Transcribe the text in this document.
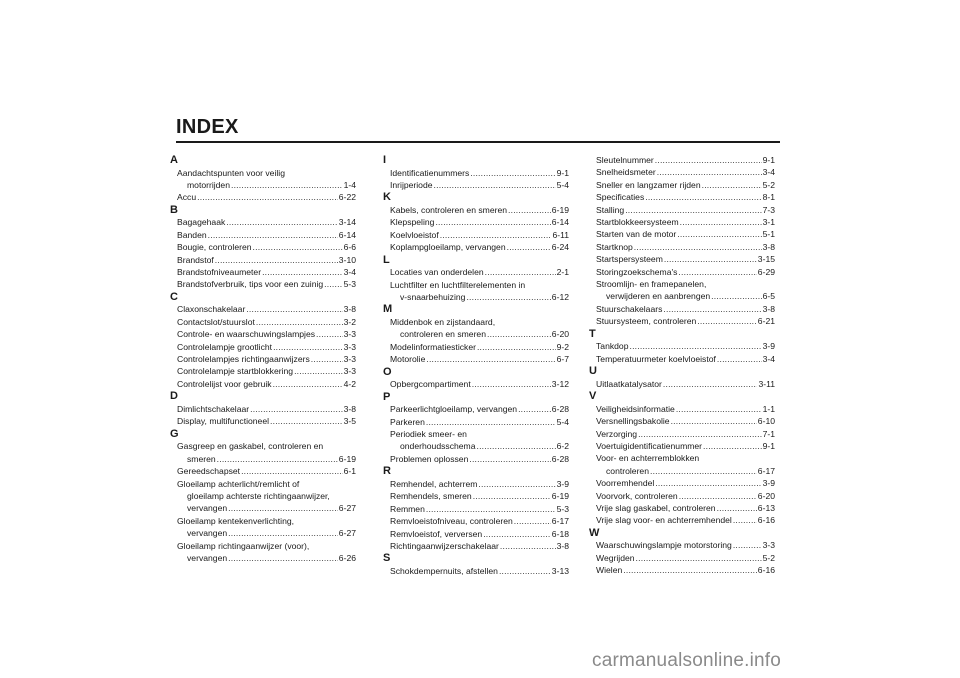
INDEX
A
Aandachtspunten voor veilig
motorrijden .....	1-4
Accu .....	6-22
B
Bagagehaak .....	3-14
Banden .....	6-14
Bougie, controleren .....	6-6
Brandstof .....	3-10
Brandstofniveaumeter .....	3-4
Brandstofverbruik, tips voor een zuinig ..... 5-3
C
Claxonschakelaar .....	3-8
Contactslot/stuurslot .....	3-2
Controle- en waarschuwingslampjes .....	3-3
Controlelampje grootlicht .....	3-3
Controlelampjes richtingaanwijzers .....	3-3
Controlelampje startblokkering .....	3-3
Controlelijst voor gebruik .....	4-2
D
Dimlichtschakelaar .....	3-8
Display, multifunctioneel .....	3-5
G
Gasgreep en gaskabel, controleren en
smeren .....	6-19
Gereedschapset .....	6-1
Gloeilamp achterlicht/remlicht of
gloeilamp achterste richtingaanwijzer,
vervangen .....	6-27
Gloeilamp kentekenverlichting,
vervangen .....	6-27
Gloeilamp richtingaanwijzer (voor),
vervangen .....	6-26
I
Identificatienummers .....	9-1
Inrijperiode .....	5-4
K
Kabels, controleren en smeren .....	6-19
Klepspeling .....	6-14
Koelvloeistof .....	6-11
Koplampgloeilamp, vervangen .....	6-24
L
Locaties van onderdelen .....	2-1
Luchtfilter en luchtfilterelementen in
v-snaarbehuizing .....	6-12
M
Middenbok en zijstandaard,
controleren en smeren .....	6-20
Modelinformatiesticker .....	9-2
Motorolie .....	6-7
O
Opbergcompartiment .....	3-12
P
Parkeerlichtgloeilamp, vervangen .....	6-28
Parkeren .....	5-4
Periodiek smeer- en
onderhoudsschema .....	6-2
Problemen oplossen .....	6-28
R
Remhendel, achterrem .....	3-9
Remhendels, smeren .....	6-19
Remmen .....	5-3
Remvloeistofniveau, controleren .....	6-17
Remvloeistof, verversen .....	6-18
Richtingaanwijzerschakelaar .....	3-8
S
Schokdempernuits, afstellen .....	3-13
Sleutelnummer .....	9-1
Snelheidsmeter .....	3-4
Sneller en langzamer rijden .....	5-2
Specificaties .....	8-1
Stalling .....	7-3
Startblokkeersysteem .....	3-1
Starten van de motor .....	5-1
Startknop .....	3-8
Startsper​systeem .....	3-15
Storingzoekschema's .....	6-29
Stroomlijn- en framepanelen,
verwijderen en aanbrengen .....	6-5
Stuurschakelaars .....	3-8
Stuursysteem, controleren .....	6-21
T
Tankdop .....	3-9
Temperatuurmeter koelvloeistof .....	3-4
U
Uitlaatkatalysator .....	3-11
V
Veiligheidsinformatie .....	1-1
Versnellingsbakolie .....	6-10
Verzorging .....	7-1
Voertuigidentificatienummer .....	9-1
Voor- en achterremblokken
controleren .....	6-17
Voorremhendel .....	3-9
Voorvork, controleren .....	6-20
Vrije slag gaskabel, controleren .....	6-13
Vrije slag voor- en achterremhendel .....	6-16
W
Waarschuwingslampje motorstoring .....	3-3
Wegrijden .....	5-2
Wielen .....	6-16
carmanualsonline.info
